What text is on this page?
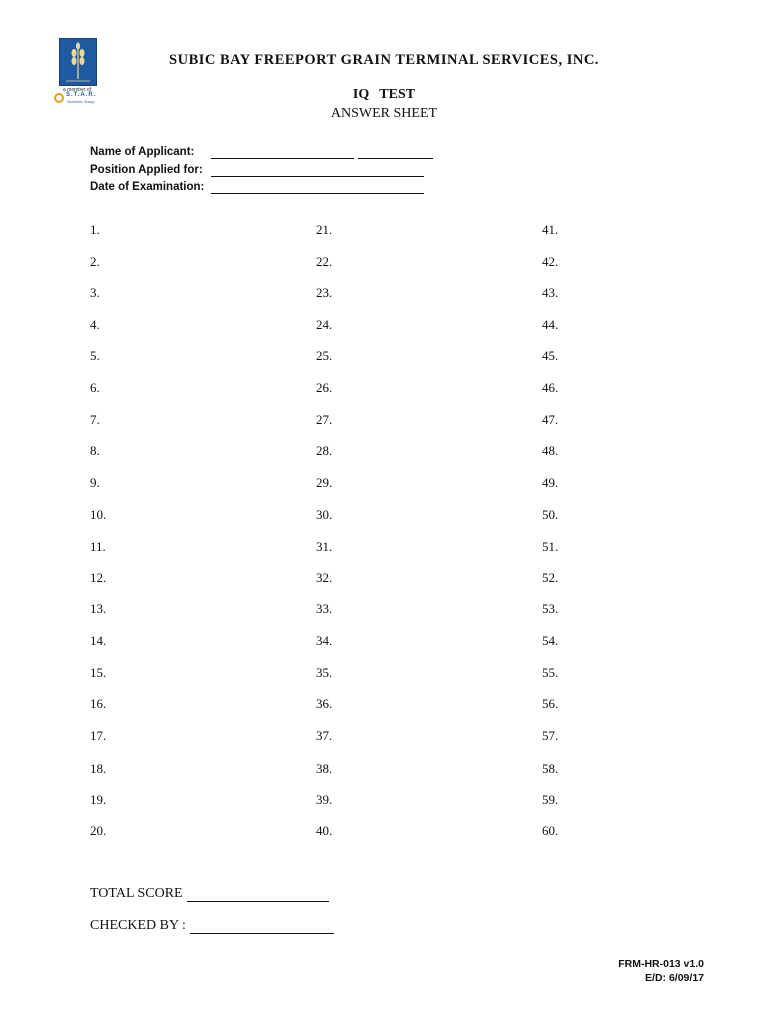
a member of
S.T.A.R.
Services Group
SUBIC BAY FREEPORT GRAIN TERMINAL SERVICES, INC.
IQ TEST
ANSWER SHEET
Name of Applicant:
Position Applied for:
Date of Examination:
1.
2.
3.
4.
5.
6.
7.
8.
9.
10.
11.
12.
13.
14.
15.
16.
17.
18.
19.
20.
21.
22.
23.
24.
25.
26.
27.
28.
29.
30.
31.
32.
33.
34.
35.
36.
37.
38.
39.
40.
41.
42.
43.
44.
45.
46.
47.
48.
49.
50.
51.
52.
53.
54.
55.
56.
57.
58.
59.
60.
TOTAL SCORE
CHECKED BY :
FRM-HR-013 v1.0
E/D: 6/09/17
